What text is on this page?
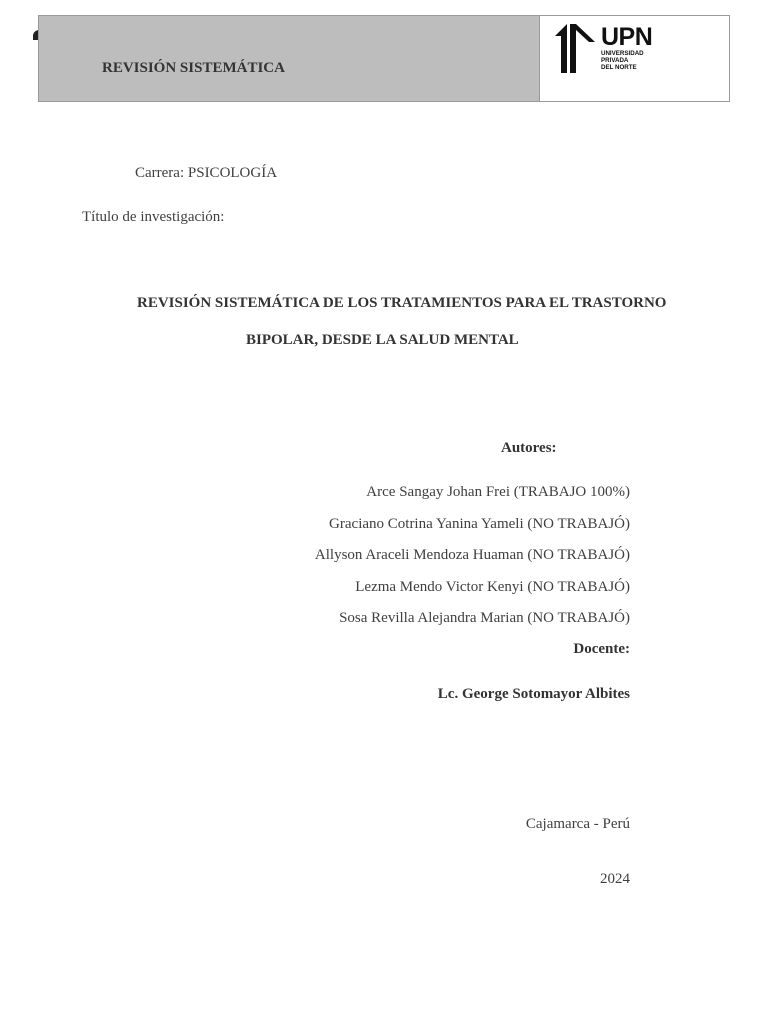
REVISIÓN SISTEMÁTICA
UPN
UNIVERSIDAD
PRIVADA
DEL NORTE
Carrera: PSICOLOGÍA
Título de investigación:
REVISIÓN SISTEMÁTICA DE LOS TRATAMIENTOS PARA EL TRASTORNO
BIPOLAR, DESDE LA SALUD MENTAL
Autores:
Arce Sangay Johan Frei (TRABAJO 100%)
Graciano Cotrina Yanina Yameli (NO TRABAJÓ)
Allyson Araceli Mendoza Huaman (NO TRABAJÓ)
Lezma Mendo Victor Kenyi (NO TRABAJÓ)
Sosa Revilla Alejandra Marian (NO TRABAJÓ)
Docente:
Lc. George Sotomayor Albites
Cajamarca - Perú
2024
